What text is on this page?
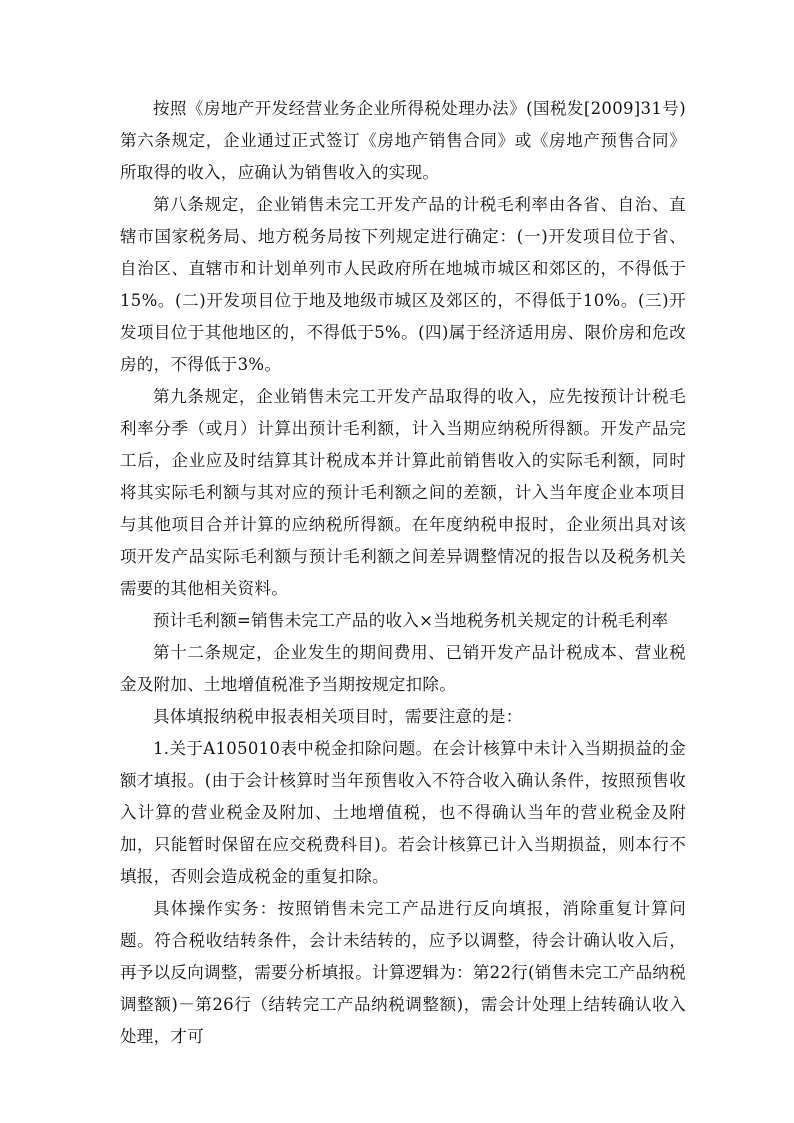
按照《房地产开发经营业务企业所得税处理办法》(国税发[2009]31号)第六条规定，企业通过正式签订《房地产销售合同》或《房地产预售合同》所取得的收入，应确认为销售收入的实现。

第八条规定，企业销售未完工开发产品的计税毛利率由各省、自治、直辖市国家税务局、地方税务局按下列规定进行确定：(一)开发项目位于省、自治区、直辖市和计划单列市人民政府所在地城市城区和郊区的，不得低于15%。(二)开发项目位于地及地级市城区及郊区的，不得低于10%。(三)开发项目位于其他地区的，不得低于5%。(四)属于经济适用房、限价房和危改房的，不得低于3%。

第九条规定，企业销售未完工开发产品取得的收入，应先按预计计税毛利率分季（或月）计算出预计毛利额，计入当期应纳税所得额。开发产品完工后，企业应及时结算其计税成本并计算此前销售收入的实际毛利额，同时将其实际毛利额与其对应的预计毛利额之间的差额，计入当年度企业本项目与其他项目合并计算的应纳税所得额。在年度纳税申报时，企业须出具对该项开发产品实际毛利额与预计毛利额之间差异调整情况的报告以及税务机关需要的其他相关资料。

预计毛利额=销售未完工产品的收入×当地税务机关规定的计税毛利率

第十二条规定，企业发生的期间费用、已销开发产品计税成本、营业税金及附加、土地增值税准予当期按规定扣除。

具体填报纳税申报表相关项目时，需要注意的是：

1.关于A105010表中税金扣除问题。在会计核算中未计入当期损益的金额才填报。(由于会计核算时当年预售收入不符合收入确认条件，按照预售收入计算的营业税金及附加、土地增值税，也不得确认当年的营业税金及附加，只能暂时保留在应交税费科目)。若会计核算已计入当期损益，则本行不填报，否则会造成税金的重复扣除。

具体操作实务：按照销售未完工产品进行反向填报，消除重复计算问题。符合税收结转条件，会计未结转的，应予以调整，待会计确认收入后，再予以反向调整，需要分析填报。计算逻辑为：第22行(销售未完工产品纳税调整额)－第26行（结转完工产品纳税调整额)，需会计处理上结转确认收入处理，才可
